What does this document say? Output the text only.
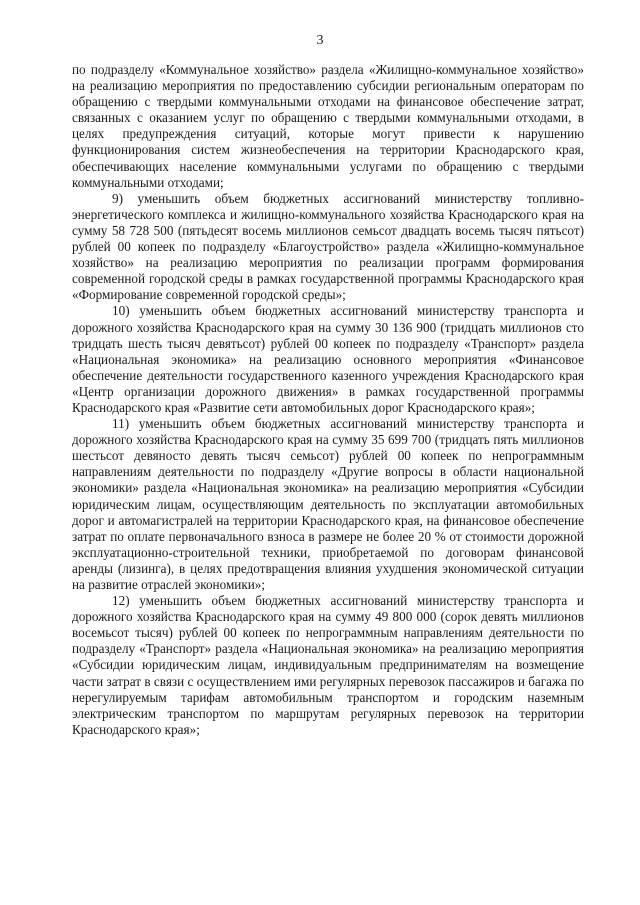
3

по подразделу «Коммунальное хозяйство» раздела «Жилищно-коммунальное хозяйство» на реализацию мероприятия по предоставлению субсидии региональным операторам по обращению с твердыми коммунальными отходами на финансовое обеспечение затрат, связанных с оказанием услуг по обращению с твердыми коммунальными отходами, в целях предупреждения ситуаций, которые могут привести к нарушению функционирования систем жизнеобеспечения на территории Краснодарского края, обеспечивающих население коммунальными услугами по обращению с твердыми коммунальными отходами;

9) уменьшить объем бюджетных ассигнований министерству топливно-энергетического комплекса и жилищно-коммунального хозяйства Краснодарского края на сумму 58 728 500 (пятьдесят восемь миллионов семьсот двадцать восемь тысяч пятьсот) рублей 00 копеек по подразделу «Благоустройство» раздела «Жилищно-коммунальное хозяйство» на реализацию мероприятия по реализации программ формирования современной городской среды в рамках государственной программы Краснодарского края «Формирование современной городской среды»;

10) уменьшить объем бюджетных ассигнований министерству транспорта и дорожного хозяйства Краснодарского края на сумму 30 136 900 (тридцать миллионов сто тридцать шесть тысяч девятьсот) рублей 00 копеек по подразделу «Транспорт» раздела «Национальная экономика» на реализацию основного мероприятия «Финансовое обеспечение деятельности государственного казенного учреждения Краснодарского края «Центр организации дорожного движения» в рамках государственной программы Краснодарского края «Развитие сети автомобильных дорог Краснодарского края»;

11) уменьшить объем бюджетных ассигнований министерству транспорта и дорожного хозяйства Краснодарского края на сумму 35 699 700 (тридцать пять миллионов шестьсот девяносто девять тысяч семьсот) рублей 00 копеек по непрограммным направлениям деятельности по подразделу «Другие вопросы в области национальной экономики» раздела «Национальная экономика» на реализацию мероприятия «Субсидии юридическим лицам, осуществляющим деятельность по эксплуатации автомобильных дорог и автомагистралей на территории Краснодарского края, на финансовое обеспечение затрат по оплате первоначального взноса в размере не более 20 % от стоимости дорожной эксплуатационно-строительной техники, приобретаемой по договорам финансовой аренды (лизинга), в целях предотвращения влияния ухудшения экономической ситуации на развитие отраслей экономики»;

12) уменьшить объем бюджетных ассигнований министерству транспорта и дорожного хозяйства Краснодарского края на сумму 49 800 000 (сорок девять миллионов восемьсот тысяч) рублей 00 копеек по непрограммным направлениям деятельности по подразделу «Транспорт» раздела «Национальная экономика» на реализацию мероприятия «Субсидии юридическим лицам, индивидуальным предпринимателям на возмещение части затрат в связи с осуществлением ими регулярных перевозок пассажиров и багажа по нерегулируемым тарифам автомобильным транспортом и городским наземным электрическим транспортом по маршрутам регулярных перевозок на территории Краснодарского края»;
